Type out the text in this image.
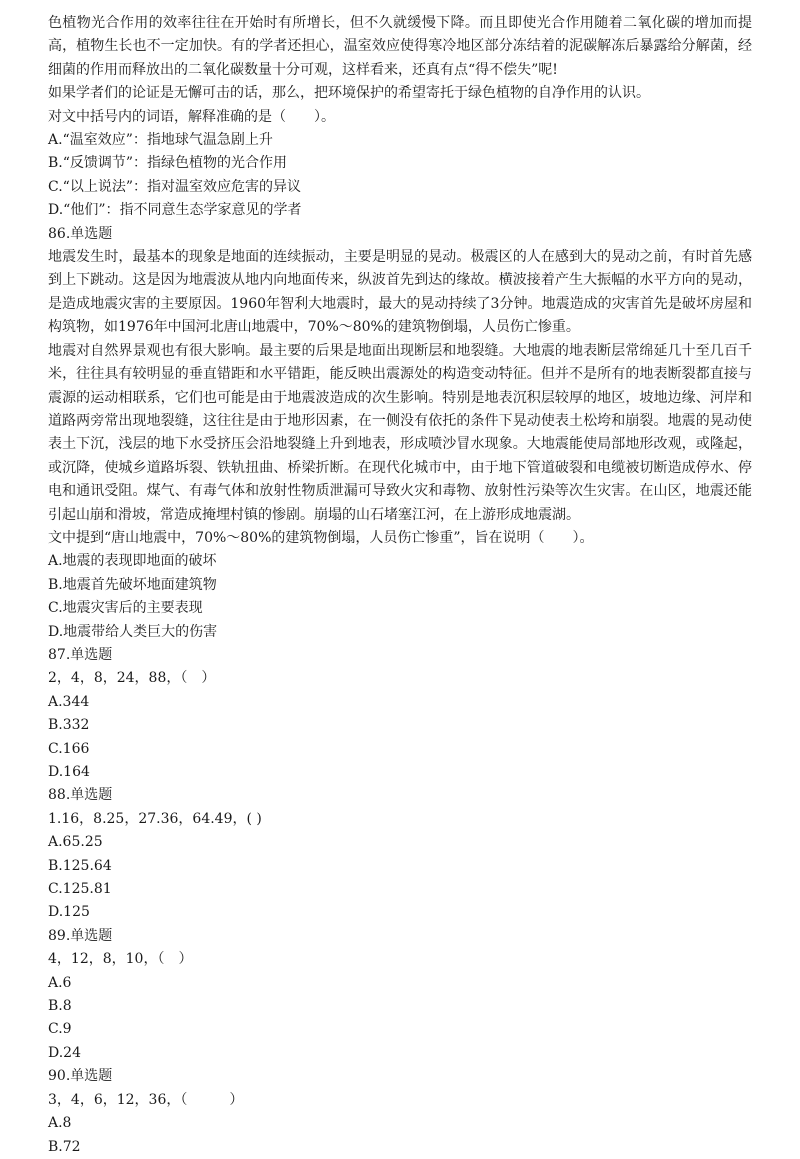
色植物光合作用的效率往往在开始时有所增长，但不久就缓慢下降。而且即使光合作用随着二氧化碳的增加而提高，植物生长也不一定加快。有的学者还担心，温室效应使得寒冷地区部分冻结着的泥碳解冻后暴露给分解菌，经细菌的作用而释放出的二氧化碳数量十分可观，这样看来，还真有点“得不偿失”呢!

如果学者们的论证是无懈可击的话，那么，把环境保护的希望寄托于绿色植物的自净作用的认识。

对文中括号内的词语，解释准确的是（　　）。

A.“温室效应”：指地球气温急剧上升

B.“反馈调节”：指绿色植物的光合作用

C.“以上说法”：指对温室效应危害的异议

D.“他们”：指不同意生态学家意见的学者

86.单选题

地震发生时，最基本的现象是地面的连续振动，主要是明显的晃动。极震区的人在感到大的晃动之前，有时首先感到上下跳动。这是因为地震波从地内向地面传来，纵波首先到达的缘故。横波接着产生大振幅的水平方向的晃动，是造成地震灾害的主要原因。1960年智利大地震时，最大的晃动持续了3分钟。地震造成的灾害首先是破坏房屋和构筑物，如1976年中国河北唐山地震中，70%～80%的建筑物倒塌，人员伤亡惨重。

地震对自然界景观也有很大影响。最主要的后果是地面出现断层和地裂缝。大地震的地表断层常绵延几十至几百千米，往往具有较明显的垂直错距和水平错距，能反映出震源处的构造变动特征。但并不是所有的地表断裂都直接与震源的运动相联系，它们也可能是由于地震波造成的次生影响。特别是地表沉积层较厚的地区，坡地边缘、河岸和道路两旁常出现地裂缝，这往往是由于地形因素，在一侧没有依托的条件下晃动使表土松垮和崩裂。地震的晃动使表土下沉，浅层的地下水受挤压会沿地裂缝上升到地表，形成喷沙冒水现象。大地震能使局部地形改观，或隆起，或沉降，使城乡道路坼裂、铁轨扭曲、桥梁折断。在现代化城市中，由于地下管道破裂和电缆被切断造成停水、停电和通讯受阻。煤气、有毒气体和放射性物质泄漏可导致火灾和毒物、放射性污染等次生灾害。在山区，地震还能引起山崩和滑坡，常造成掩埋村镇的惨剧。崩塌的山石堵塞江河，在上游形成地震湖。

文中提到“唐山地震中，70%～80%的建筑物倒塌，人员伤亡惨重”，旨在说明（　　）。

A.地震的表现即地面的破坏

B.地震首先破坏地面建筑物

C.地震灾害后的主要表现

D.地震带给人类巨大的伤害

87.单选题

2，4，8，24，88，（　）

A.344

B.332

C.166

D.164

88.单选题

1.16，8.25，27.36，64.49，( )

A.65.25

B.125.64

C.125.81

D.125

89.单选题

4，12，8，10，（　）

A.6

B.8

C.9

D.24

90.单选题

3，4，6，12，36，（　　　）

A.8

B.72
